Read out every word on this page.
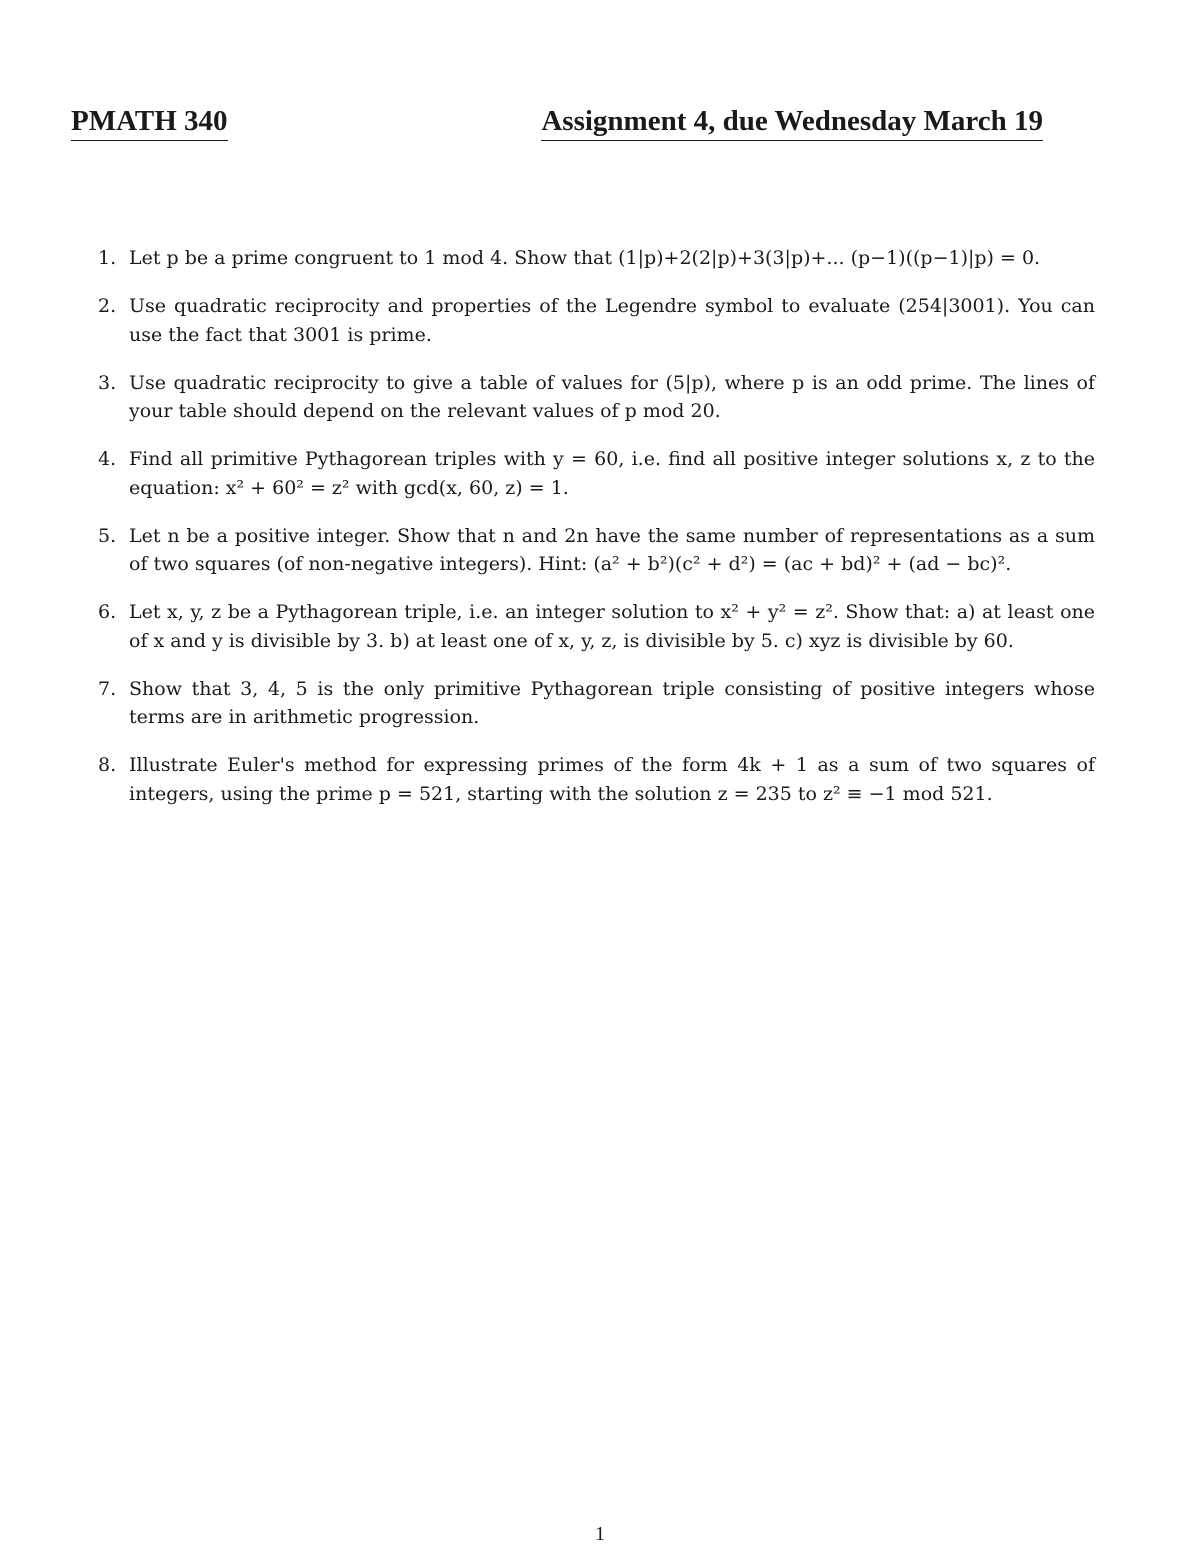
PMATH 340	Assignment 4, due Wednesday March 19
1. Let p be a prime congruent to 1 mod 4. Show that (1|p)+2(2|p)+3(3|p)+... (p−1)((p−1)|p) = 0.
2. Use quadratic reciprocity and properties of the Legendre symbol to evaluate (254|3001). You can use the fact that 3001 is prime.
3. Use quadratic reciprocity to give a table of values for (5|p), where p is an odd prime. The lines of your table should depend on the relevant values of p mod 20.
4. Find all primitive Pythagorean triples with y = 60, i.e. find all positive integer solutions x, z to the equation: x² + 60² = z² with gcd(x, 60, z) = 1.
5. Let n be a positive integer. Show that n and 2n have the same number of representations as a sum of two squares (of non-negative integers). Hint: (a² + b²)(c² + d²) = (ac + bd)² + (ad − bc)².
6. Let x, y, z be a Pythagorean triple, i.e. an integer solution to x² + y² = z². Show that: a) at least one of x and y is divisible by 3. b) at least one of x, y, z, is divisible by 5. c) xyz is divisible by 60.
7. Show that 3, 4, 5 is the only primitive Pythagorean triple consisting of positive integers whose terms are in arithmetic progression.
8. Illustrate Euler's method for expressing primes of the form 4k + 1 as a sum of two squares of integers, using the prime p = 521, starting with the solution z = 235 to z² ≡ −1 mod 521.
1
